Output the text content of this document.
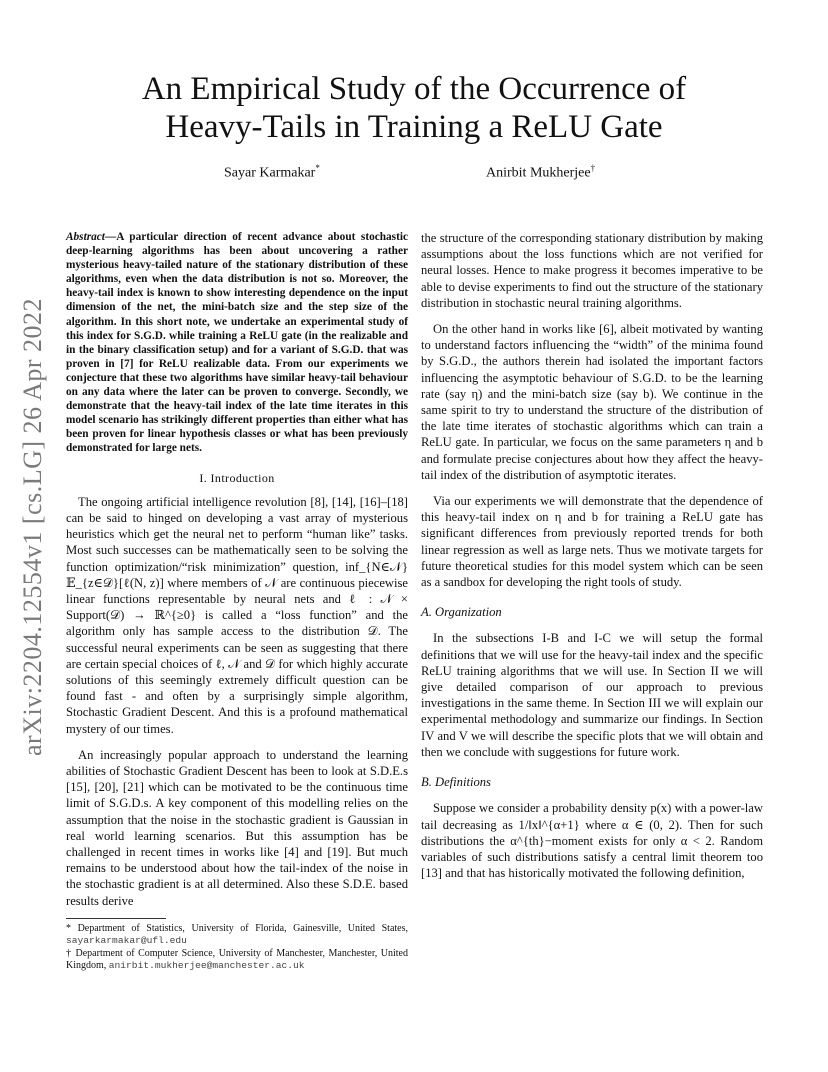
An Empirical Study of the Occurrence of
Heavy-Tails in Training a ReLU Gate
Sayar Karmakar*	Anirbit Mukherjee†
arXiv:2204.12554v1 [cs.LG] 26 Apr 2022

Abstract—A particular direction of recent advance about stochastic deep-learning algorithms has been about uncovering a rather mysterious heavy-tailed nature of the stationary distribution of these algorithms, even when the data distribution is not so. Moreover, the heavy-tail index is known to show interesting dependence on the input dimension of the net, the mini-batch size and the step size of the algorithm. In this short note, we undertake an experimental study of this index for S.G.D. while training a ReLU gate (in the realizable and in the binary classification setup) and for a variant of S.G.D. that was proven in [7] for ReLU realizable data. From our experiments we conjecture that these two algorithms have similar heavy-tail behaviour on any data where the later can be proven to converge. Secondly, we demonstrate that the heavy-tail index of the late time iterates in this model scenario has strikingly different properties than either what has been proven for linear hypothesis classes or what has been previously demonstrated for large nets.

I. Introduction

The ongoing artificial intelligence revolution [8], [14], [16]–[18] can be said to hinged on developing a vast array of mysterious heuristics which get the neural net to perform “human like” tasks. Most such successes can be mathematically seen to be solving the function optimization/“risk minimization” question, inf_{N∈𝒩} 𝔼_{z∈𝒟}[ℓ(N, z)] where members of 𝒩 are continuous piecewise linear functions representable by neural nets and ℓ : 𝒩 × Support(𝒟) → ℝ^{≥0} is called a “loss function” and the algorithm only has sample access to the distribution 𝒟. The successful neural experiments can be seen as suggesting that there are certain special choices of ℓ, 𝒩 and 𝒟 for which highly accurate solutions of this seemingly extremely difficult question can be found fast - and often by a surprisingly simple algorithm, Stochastic Gradient Descent. And this is a profound mathematical mystery of our times.

An increasingly popular approach to understand the learning abilities of Stochastic Gradient Descent has been to look at S.D.E.s [15], [20], [21] which can be motivated to be the continuous time limit of S.G.D.s. A key component of this modelling relies on the assumption that the noise in the stochastic gradient is Gaussian in real world learning scenarios. But this assumption has be challenged in recent times in works like [4] and [19]. But much remains to be understood about how the tail-index of the noise in the stochastic gradient is at all determined. Also these S.D.E. based results derive

* Department of Statistics, University of Florida, Gainesville, United States, sayarkarmakar@ufl.edu

† Department of Computer Science, University of Manchester, Manchester, United Kingdom, anirbit.mukherjee@manchester.ac.uk

the structure of the corresponding stationary distribution by making assumptions about the loss functions which are not verified for neural losses. Hence to make progress it becomes imperative to be able to devise experiments to find out the structure of the stationary distribution in stochastic neural training algorithms.

On the other hand in works like [6], albeit motivated by wanting to understand factors influencing the “width” of the minima found by S.G.D., the authors therein had isolated the important factors influencing the asymptotic behaviour of S.G.D. to be the learning rate (say η) and the mini-batch size (say b). We continue in the same spirit to try to understand the structure of the distribution of the late time iterates of stochastic algorithms which can train a ReLU gate. In particular, we focus on the same parameters η and b and formulate precise conjectures about how they affect the heavy-tail index of the distribution of asymptotic iterates.

Via our experiments we will demonstrate that the dependence of this heavy-tail index on η and b for training a ReLU gate has significant differences from previously reported trends for both linear regression as well as large nets. Thus we motivate targets for future theoretical studies for this model system which can be seen as a sandbox for developing the right tools of study.

A. Organization

In the subsections I-B and I-C we will setup the formal definitions that we will use for the heavy-tail index and the specific ReLU training algorithms that we will use. In Section II we will give detailed comparison of our approach to previous investigations in the same theme. In Section III we will explain our experimental methodology and summarize our findings. In Section IV and V we will describe the specific plots that we will obtain and then we conclude with suggestions for future work.

B. Definitions

Suppose we consider a probability density p(x) with a power-law tail decreasing as 1/‖x‖^{α+1} where α ∈ (0, 2). Then for such distributions the α^{th}−moment exists for only α < 2. Random variables of such distributions satisfy a central limit theorem too [13] and that has historically motivated the following definition,
